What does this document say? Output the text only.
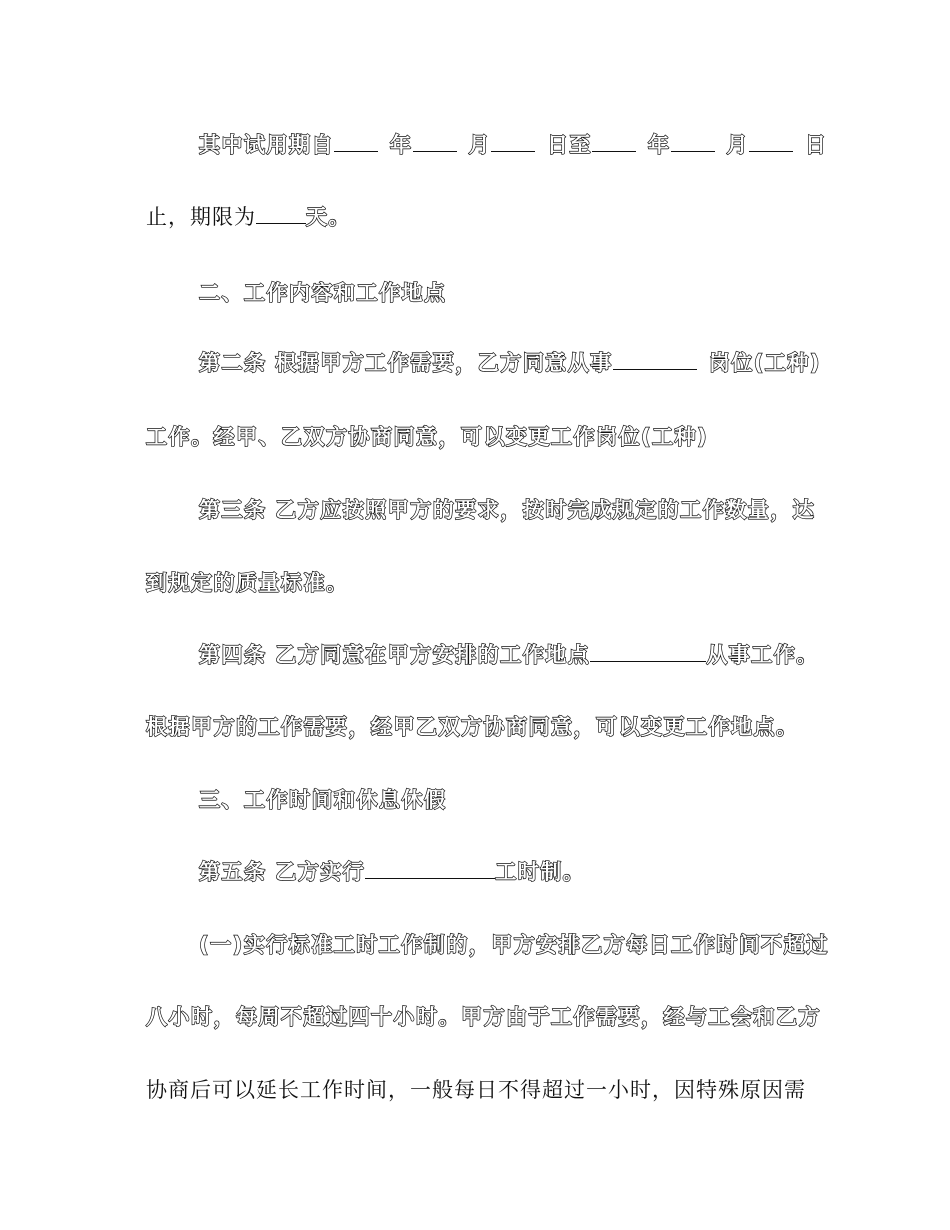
其中试用期自	年	月	日至	年	月	日
止，期限为 天。
二、工作内容和工作地点
第二条 根据甲方工作需要，乙方同意从事	岗位(工种)
工作。经甲、乙双方协商同意，可以变更工作岗位(工种)
第三条 乙方应按照甲方的要求，按时完成规定的工作数量，达
到规定的质量标准。
第四条 乙方同意在甲方安排的工作地点	从事工作。
根据甲方的工作需要，经甲乙双方协商同意，可以变更工作地点。
三、工作时间和休息休假
第五条 乙方实行	工时制。
(一)实行标准工时工作制的，甲方安排乙方每日工作时间不超过
八小时，每周不超过四十小时。甲方由于工作需要，经与工会和乙方
协商后可以延长工作时间，一般每日不得超过一小时，因特殊原因需
